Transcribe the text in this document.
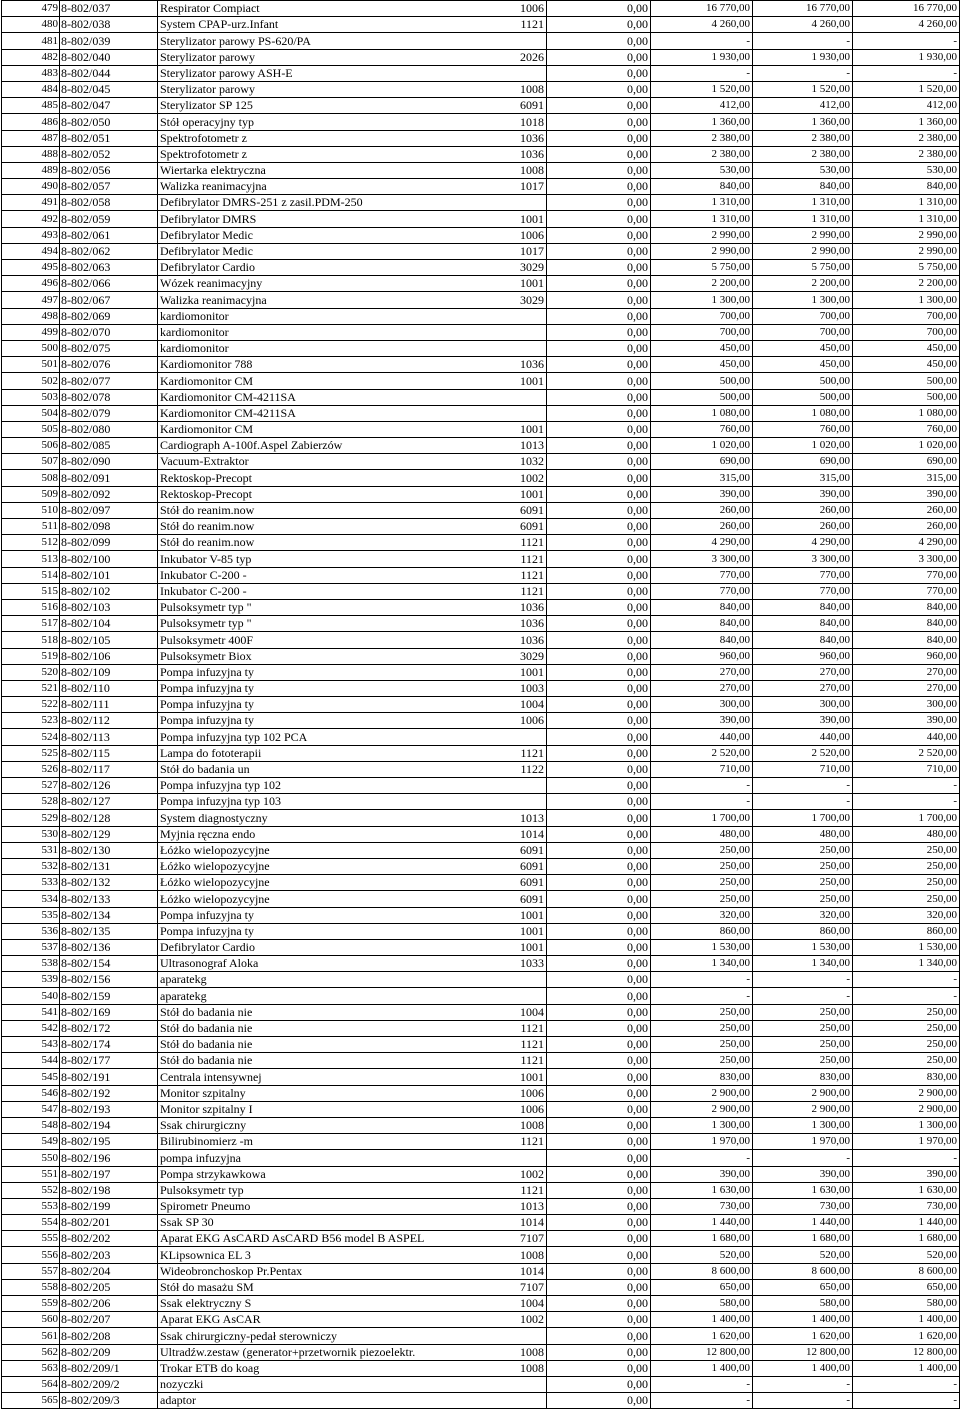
479	8-802/037	Respirator Compiact	1006	0,00	16 770,00	16 770,00	16 770,00
480	8-802/038	System CPAP-urz.Infant	1121	0,00	4 260,00	4 260,00	4 260,00
481	8-802/039	Sterylizator parowy PS-620/PA		0,00	-	-	-
482	8-802/040	Sterylizator parowy	2026	0,00	1 930,00	1 930,00	1 930,00
483	8-802/044	Sterylizator parowy ASH-E		0,00	-	-	-
484	8-802/045	Sterylizator parowy	1008	0,00	1 520,00	1 520,00	1 520,00
485	8-802/047	Sterylizator SP 125	6091	0,00	412,00	412,00	412,00
486	8-802/050	Stół operacyjny typ	1018	0,00	1 360,00	1 360,00	1 360,00
487	8-802/051	Spektrofotometr z	1036	0,00	2 380,00	2 380,00	2 380,00
488	8-802/052	Spektrofotometr z	1036	0,00	2 380,00	2 380,00	2 380,00
489	8-802/056	Wiertarka elektryczna	1008	0,00	530,00	530,00	530,00
490	8-802/057	Walizka reanimacyjna	1017	0,00	840,00	840,00	840,00
491	8-802/058	Defibrylator DMRS-251 z zasil.PDM-250		0,00	1 310,00	1 310,00	1 310,00
492	8-802/059	Defibrylator DMRS	1001	0,00	1 310,00	1 310,00	1 310,00
493	8-802/061	Defibrylator Medic	1006	0,00	2 990,00	2 990,00	2 990,00
494	8-802/062	Defibrylator Medic	1017	0,00	2 990,00	2 990,00	2 990,00
495	8-802/063	Defibrylator Cardio	3029	0,00	5 750,00	5 750,00	5 750,00
496	8-802/066	Wózek reanimacyjny	1001	0,00	2 200,00	2 200,00	2 200,00
497	8-802/067	Walizka reanimacyjna	3029	0,00	1 300,00	1 300,00	1 300,00
498	8-802/069	kardiomonitor		0,00	700,00	700,00	700,00
499	8-802/070	kardiomonitor		0,00	700,00	700,00	700,00
500	8-802/075	kardiomonitor		0,00	450,00	450,00	450,00
501	8-802/076	Kardiomonitor 788	1036	0,00	450,00	450,00	450,00
502	8-802/077	Kardiomonitor CM	1001	0,00	500,00	500,00	500,00
503	8-802/078	Kardiomonitor CM-4211SA		0,00	500,00	500,00	500,00
504	8-802/079	Kardiomonitor CM-4211SA		0,00	1 080,00	1 080,00	1 080,00
505	8-802/080	Kardiomonitor CM	1001	0,00	760,00	760,00	760,00
506	8-802/085	Cardiograph A-100f.Aspel Zabierzów	1013	0,00	1 020,00	1 020,00	1 020,00
507	8-802/090	Vacuum-Extraktor	1032	0,00	690,00	690,00	690,00
508	8-802/091	Rektoskop-Precopt	1002	0,00	315,00	315,00	315,00
509	8-802/092	Rektoskop-Precopt	1001	0,00	390,00	390,00	390,00
510	8-802/097	Stół do reanim.now	6091	0,00	260,00	260,00	260,00
511	8-802/098	Stół do reanim.now	6091	0,00	260,00	260,00	260,00
512	8-802/099	Stół do reanim.now	1121	0,00	4 290,00	4 290,00	4 290,00
513	8-802/100	Inkubator V-85 typ	1121	0,00	3 300,00	3 300,00	3 300,00
514	8-802/101	Inkubator C-200 -	1121	0,00	770,00	770,00	770,00
515	8-802/102	Inkubator C-200 -	1121	0,00	770,00	770,00	770,00
516	8-802/103	Pulsoksymetr typ "	1036	0,00	840,00	840,00	840,00
517	8-802/104	Pulsoksymetr typ "	1036	0,00	840,00	840,00	840,00
518	8-802/105	Pulsoksymetr 400F	1036	0,00	840,00	840,00	840,00
519	8-802/106	Pulsoksymetr Biox	3029	0,00	960,00	960,00	960,00
520	8-802/109	Pompa infuzyjna ty	1001	0,00	270,00	270,00	270,00
521	8-802/110	Pompa infuzyjna ty	1003	0,00	270,00	270,00	270,00
522	8-802/111	Pompa infuzyjna ty	1004	0,00	300,00	300,00	300,00
523	8-802/112	Pompa infuzyjna ty	1006	0,00	390,00	390,00	390,00
524	8-802/113	Pompa infuzyjna typ 102 PCA		0,00	440,00	440,00	440,00
525	8-802/115	Lampa do fototerapii	1121	0,00	2 520,00	2 520,00	2 520,00
526	8-802/117	Stół do badania un	1122	0,00	710,00	710,00	710,00
527	8-802/126	Pompa infuzyjna typ 102		0,00	-	-	-
528	8-802/127	Pompa infuzyjna typ 103		0,00	-	-	-
529	8-802/128	System diagnostyczny	1013	0,00	1 700,00	1 700,00	1 700,00
530	8-802/129	Myjnia ręczna endo	1014	0,00	480,00	480,00	480,00
531	8-802/130	Łóżko wielopozycyjne	6091	0,00	250,00	250,00	250,00
532	8-802/131	Łóżko wielopozycyjne	6091	0,00	250,00	250,00	250,00
533	8-802/132	Łóżko wielopozycyjne	6091	0,00	250,00	250,00	250,00
534	8-802/133	Łóżko wielopozycyjne	6091	0,00	250,00	250,00	250,00
535	8-802/134	Pompa infuzyjna ty	1001	0,00	320,00	320,00	320,00
536	8-802/135	Pompa infuzyjna ty	1001	0,00	860,00	860,00	860,00
537	8-802/136	Defibrylator Cardio	1001	0,00	1 530,00	1 530,00	1 530,00
538	8-802/154	Ultrasonograf Aloka	1033	0,00	1 340,00	1 340,00	1 340,00
539	8-802/156	aparatekg		0,00	-	-	-
540	8-802/159	aparatekg		0,00	-	-	-
541	8-802/169	Stół do badania nie	1004	0,00	250,00	250,00	250,00
542	8-802/172	Stół do badania nie	1121	0,00	250,00	250,00	250,00
543	8-802/174	Stół do badania nie	1121	0,00	250,00	250,00	250,00
544	8-802/177	Stół do badania nie	1121	0,00	250,00	250,00	250,00
545	8-802/191	Centrala intensywnej	1001	0,00	830,00	830,00	830,00
546	8-802/192	Monitor szpitalny	1006	0,00	2 900,00	2 900,00	2 900,00
547	8-802/193	Monitor szpitalny I	1006	0,00	2 900,00	2 900,00	2 900,00
548	8-802/194	Ssak chirurgiczny	1008	0,00	1 300,00	1 300,00	1 300,00
549	8-802/195	Bilirubinomierz -m	1121	0,00	1 970,00	1 970,00	1 970,00
550	8-802/196	pompa infuzyjna		0,00	-	-	-
551	8-802/197	Pompa strzykawkowa	1002	0,00	390,00	390,00	390,00
552	8-802/198	Pulsoksymetr typ	1121	0,00	1 630,00	1 630,00	1 630,00
553	8-802/199	Spirometr Pneumo	1013	0,00	730,00	730,00	730,00
554	8-802/201	Ssak SP 30	1014	0,00	1 440,00	1 440,00	1 440,00
555	8-802/202	Aparat EKG AsCARD AsCARD B56 model B ASPEL	7107	0,00	1 680,00	1 680,00	1 680,00
556	8-802/203	KLipsownica EL 3	1008	0,00	520,00	520,00	520,00
557	8-802/204	Wideobronchoskop Pr.Pentax	1014	0,00	8 600,00	8 600,00	8 600,00
558	8-802/205	Stół do masażu SM	7107	0,00	650,00	650,00	650,00
559	8-802/206	Ssak elektryczny S	1004	0,00	580,00	580,00	580,00
560	8-802/207	Aparat EKG AsCAR	1002	0,00	1 400,00	1 400,00	1 400,00
561	8-802/208	Ssak chirurgiczny-pedał sterowniczy		0,00	1 620,00	1 620,00	1 620,00
562	8-802/209	Ultradźw.zestaw (generator+przetwornik piezoelektr.	1008	0,00	12 800,00	12 800,00	12 800,00
563	8-802/209/1	Trokar ETB do koag	1008	0,00	1 400,00	1 400,00	1 400,00
564	8-802/209/2	nozyczki		0,00	-	-	-
565	8-802/209/3	adaptor		0,00	-	-	-
